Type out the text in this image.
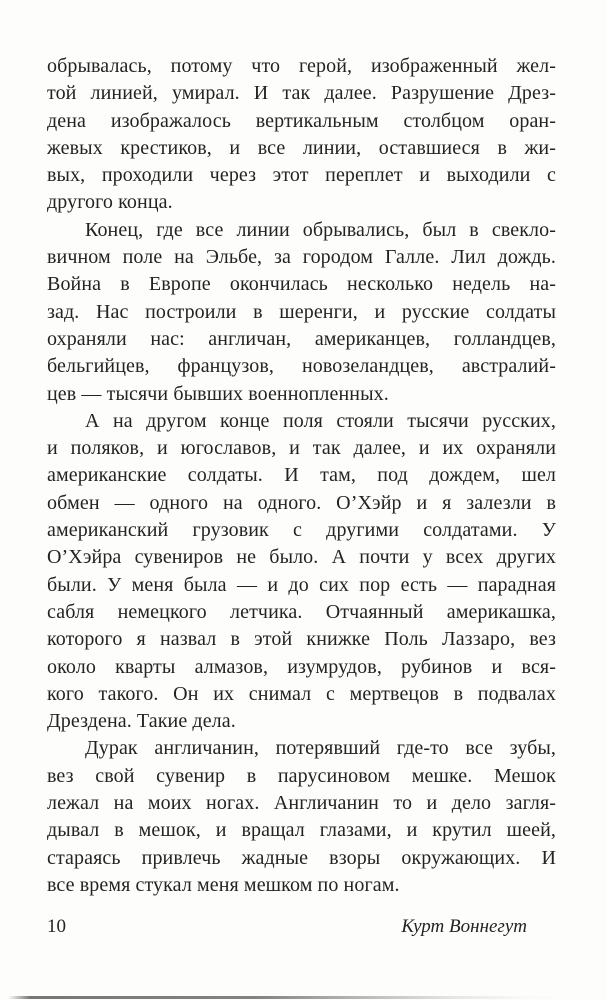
обрывалась, потому что герой, изображенный жел-
той линией, умирал. И так далее. Разрушение Дрез-
дена изображалось вертикальным столбцом оран-
жевых крестиков, и все линии, оставшиеся в жи-
вых, проходили через этот переплет и выходили с
другого конца.
Конец, где все линии обрывались, был в свекло-
вичном поле на Эльбе, за городом Галле. Лил дождь.
Война в Европе окончилась несколько недель на-
зад. Нас построили в шеренги, и русские солдаты
охраняли нас: англичан, американцев, голландцев,
бельгийцев, французов, новозеландцев, австралий-
цев — тысячи бывших военнопленных.
А на другом конце поля стояли тысячи русских,
и поляков, и югославов, и так далее, и их охраняли
американские солдаты. И там, под дождем, шел
обмен — одного на одного. О’Хэйр и я залезли в
американский грузовик с другими солдатами. У
О’Хэйра сувениров не было. А почти у всех других
были. У меня была — и до сих пор есть — парадная
сабля немецкого летчика. Отчаянный америкашка,
которого я назвал в этой книжке Поль Лаззаро, вез
около кварты алмазов, изумрудов, рубинов и вся-
кого такого. Он их снимал с мертвецов в подвалах
Дрездена. Такие дела.
Дурак англичанин, потерявший где-то все зубы,
вез свой сувенир в парусиновом мешке. Мешок
лежал на моих ногах. Англичанин то и дело загля-
дывал в мешок, и вращал глазами, и крутил шеей,
стараясь привлечь жадные взоры окружающих. И
все время стукал меня мешком по ногам.
10	Курт Воннегут
